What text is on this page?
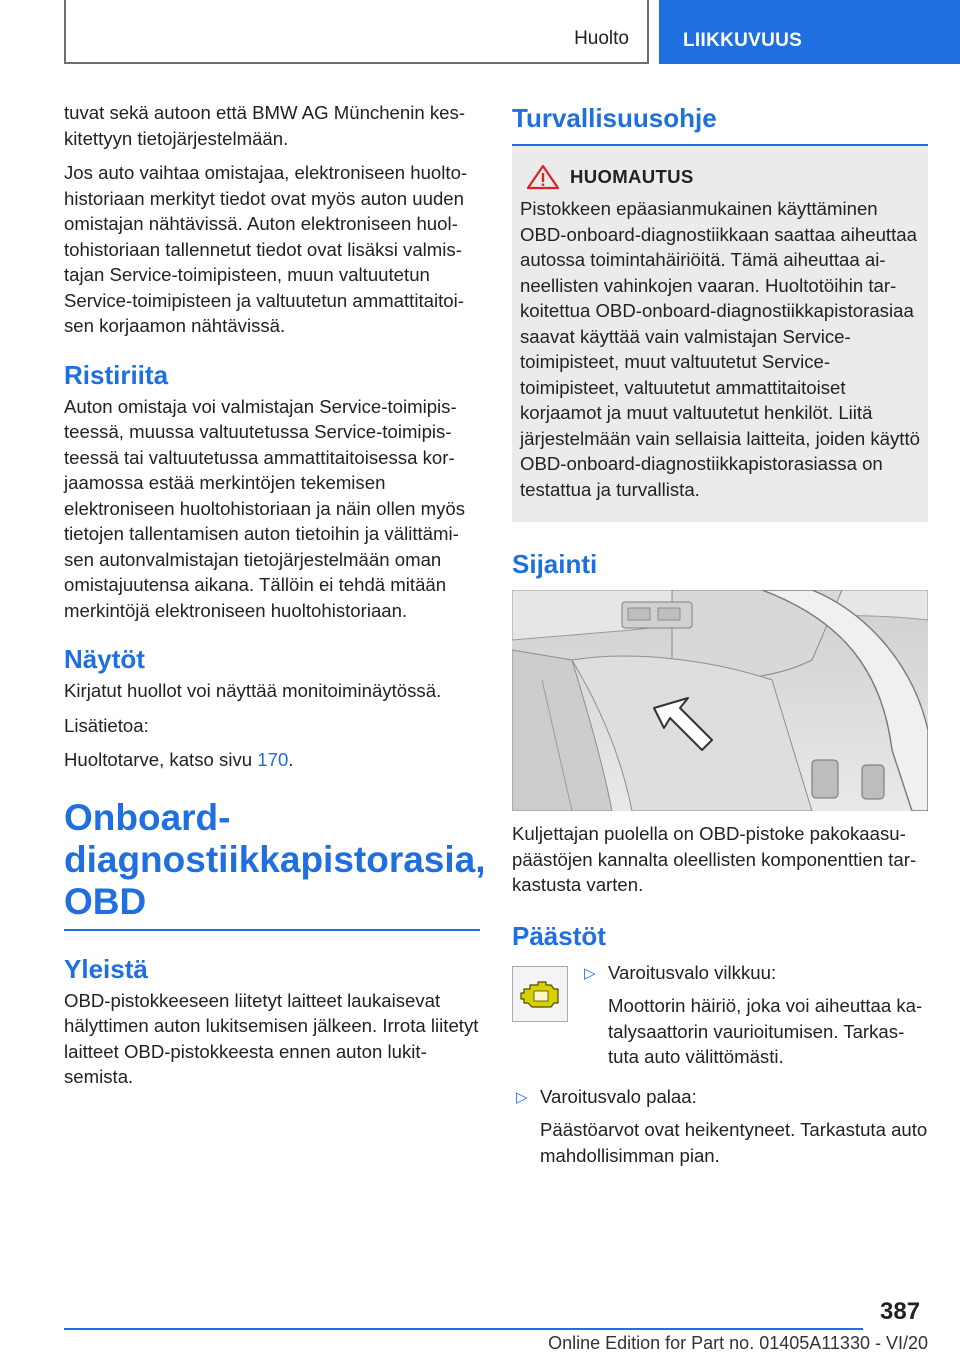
Huolto	LIIKKUVUUS

tuvat sekä autoon että BMW AG Münchenin keskitettyyn tietojärjestelmään.

Jos auto vaihtaa omistajaa, elektroniseen huoltohistoriaan merkityt tiedot ovat myös auton uuden omistajan nähtävissä. Auton elektroniseen huoltohistoriaan tallennetut tiedot ovat lisäksi valmistajan Service-toimipisteen, muun valtuutetun Service-toimipisteen ja valtuutetun ammattitaitoisen korjaamon nähtävissä.

Ristiriita

Auton omistaja voi valmistajan Service-toimipisteessä, muussa valtuutetussa Service-toimipisteessä tai valtuutetussa ammattitaitoisessa korjaamossa estää merkintöjen tekemisen elektroniseen huoltohistoriaan ja näin ollen myös tietojen tallentamisen auton tietoihin ja välittämisen autonvalmistajan tietojärjestelmään oman omistajuutensa aikana. Tällöin ei tehdä mitään merkintöjä elektroniseen huoltohistoriaan.

Näytöt

Kirjatut huollot voi näyttää monitoiminäytössä.

Lisätietoa:

Huoltotarve, katso sivu 170.

Onboard-
diagnostiikkapistorasia,
OBD
Yleistä

OBD-pistokkeeseen liitetyt laitteet laukaisevat hälyttimen auton lukitsemisen jälkeen. Irrota liitetyt laitteet OBD-pistokkeesta ennen auton lukitsemista.

Turvallisuusohje
HUOMAUTUS

Pistokkeen epäasianmukainen käyttäminen OBD-onboard-diagnostiikkaan saattaa aiheuttaa autossa toimintahäiriöitä. Tämä aiheuttaa aineellisten vahinkojen vaaran. Huoltotöihin tarkoitettua OBD-onboard-diagnostiikkapistorasiaa saavat käyttää vain valmistajan Service-toimipisteet, muut valtuutetut Service-toimipisteet, valtuutetut ammattitaitoiset korjaamot ja muut valtuutetut henkilöt. Liitä järjestelmään vain sellaisia laitteita, joiden käyttö OBD-onboard-diagnostiikkapistorasiassa on testattua ja turvallista.

Sijainti

Kuljettajan puolella on OBD-pistoke pakokaasupäästöjen kannalta oleellisten komponenttien tarkastusta varten.

Päästöt
▷ Varoitusvalo vilkkuu:

Moottorin häiriö, joka voi aiheuttaa katalysaattorin vaurioitumisen. Tarkastuta auto välittömästi.

▷ Varoitusvalo palaa:

Päästöarvot ovat heikentyneet. Tarkastuta auto mahdollisimman pian.

387
Online Edition for Part no. 01405A11330 - VI/20
